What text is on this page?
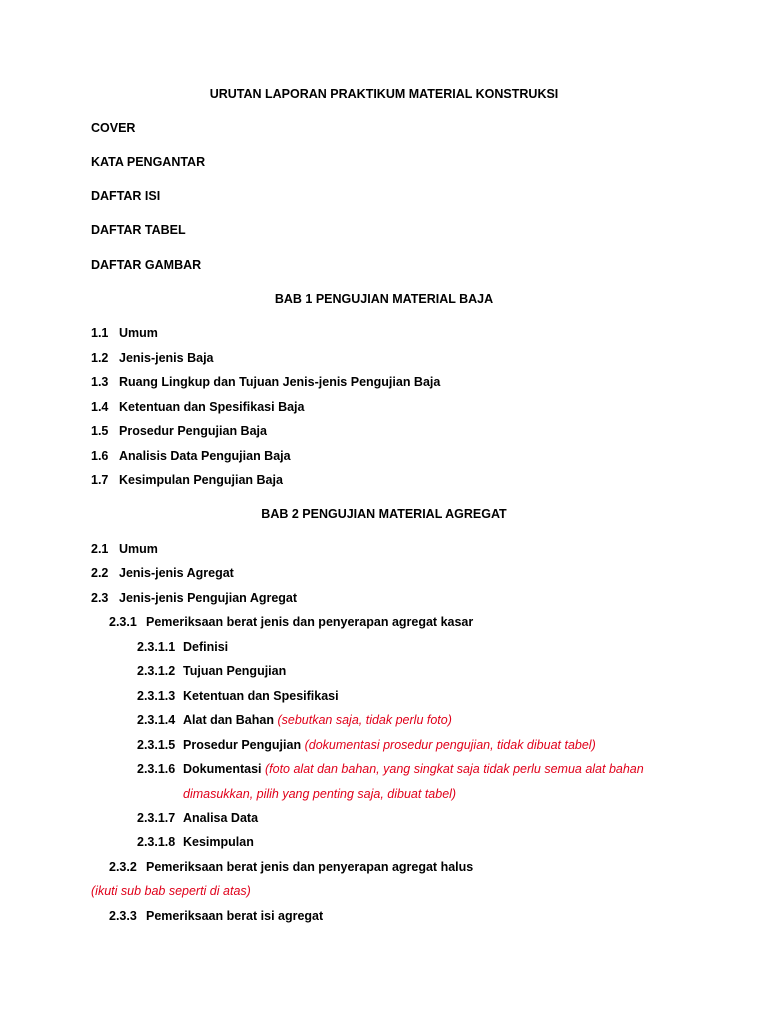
URUTAN LAPORAN PRAKTIKUM MATERIAL KONSTRUKSI
COVER
KATA PENGANTAR
DAFTAR ISI
DAFTAR TABEL
DAFTAR GAMBAR
BAB 1 PENGUJIAN MATERIAL BAJA
1.1 Umum
1.2 Jenis-jenis Baja
1.3 Ruang Lingkup dan Tujuan Jenis-jenis Pengujian Baja
1.4 Ketentuan dan Spesifikasi Baja
1.5 Prosedur Pengujian Baja
1.6 Analisis Data Pengujian Baja
1.7 Kesimpulan Pengujian Baja
BAB 2 PENGUJIAN MATERIAL AGREGAT
2.1 Umum
2.2 Jenis-jenis Agregat
2.3 Jenis-jenis Pengujian Agregat
2.3.1 Pemeriksaan berat jenis dan penyerapan agregat kasar
2.3.1.1 Definisi
2.3.1.2 Tujuan Pengujian
2.3.1.3 Ketentuan dan Spesifikasi
2.3.1.4 Alat dan Bahan (sebutkan saja, tidak perlu foto)
2.3.1.5 Prosedur Pengujian (dokumentasi prosedur pengujian, tidak dibuat tabel)
2.3.1.6 Dokumentasi (foto alat dan bahan, yang singkat saja tidak perlu semua alat bahan
dimasukkan, pilih yang penting saja, dibuat tabel)
2.3.1.7 Analisa Data
2.3.1.8 Kesimpulan
2.3.2 Pemeriksaan berat jenis dan penyerapan agregat halus
(ikuti sub bab seperti di atas)
2.3.3 Pemeriksaan berat isi agregat
